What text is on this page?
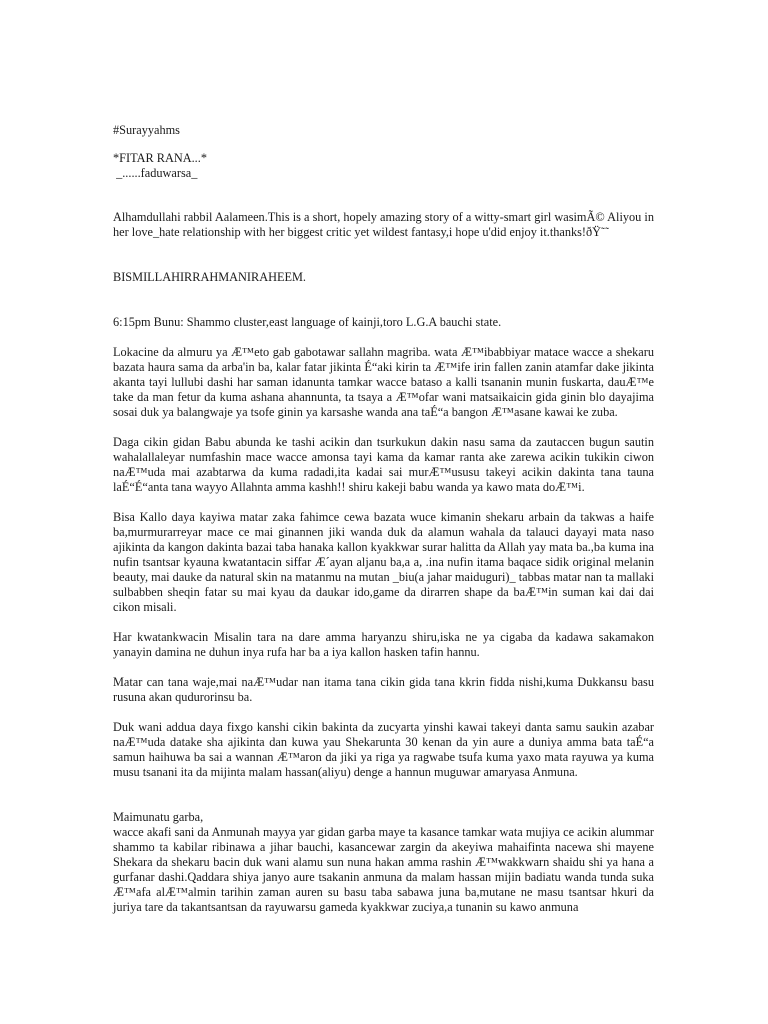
#Surayyahms

*FITAR RANA...*

_......faduwarsa_

Alhamdullahi rabbil Aalameen.This is a short, hopely amazing story of a witty-smart girl wasimÃ© Aliyou in her love_hate relationship with her biggest critic yet wildest fantasy,i hope u'did enjoy it.thanks!ðŸ˜˜

BISMILLAHIRRAHMANIRAHEEM.

6:15pm Bunu: Shammo cluster,east language of kainji,toro L.G.A bauchi state.

Lokacine da almuru ya Æ™eto gab gabotawar sallahn magriba. wata Æ™ibabbiyar matace wacce a shekaru bazata haura sama da arba'in ba, kalar fatar jikinta É“aki kirin ta Æ™ife irin fallen zanin atamfar dake jikinta akanta tayi lullubi dashi har saman idanunta tamkar wacce bataso a kalli tsananin munin fuskarta, dauÆ™e take da man fetur da kuma ashana ahannunta, ta tsaya a Æ™ofar wani matsaikaicin gida ginin blo dayajima sosai duk ya balangwaje ya tsofe ginin ya karsashe wanda ana taÉ“a bangon Æ™asane kawai ke zuba.

Daga cikin gidan Babu abunda ke tashi acikin dan tsurkukun dakin nasu sama da zautaccen bugun sautin wahalallaleyar numfashin mace wacce amonsa tayi kama da kamar ranta ake zarewa acikin tukikin ciwon naÆ™uda mai azabtarwa da kuma radadi,ita kadai sai murÆ™ususu takeyi acikin dakinta tana tauna laÉ“É“anta tana wayyo Allahnta amma kashh!! shiru kakeji babu wanda ya kawo mata doÆ™i.

Bisa Kallo daya kayiwa matar zaka fahimce cewa bazata wuce kimanin shekaru arbain da takwas a haife ba,murmurarreyar mace ce mai ginannen jiki wanda duk da alamun wahala da talauci dayayi mata naso ajikinta da kangon dakinta bazai taba hanaka kallon kyakkwar surar halitta da Allah yay mata ba.,ba kuma ina nufin tsantsar kyauna kwatantacin siffar Æ´ayan aljanu ba,a a, .ina nufin itama baqace sidik original melanin beauty, mai dauke da natural skin na matanmu na mutan _biu(a jahar maiduguri)_ tabbas matar nan ta mallaki sulbabben sheqin fatar su mai kyau da daukar ido,game da dirarren shape da baÆ™in suman kai dai dai cikon misali.

Har kwatankwacin Misalin tara na dare amma haryanzu shiru,iska ne ya cigaba da kadawa sakamakon yanayin damina ne duhun inya rufa har ba a iya kallon hasken tafin hannu.

Matar can tana waje,mai naÆ™udar nan itama tana cikin gida tana kkrin fidda nishi,kuma Dukkansu basu rusuna akan qudurorinsu ba.

Duk wani addua daya fixgo kanshi cikin bakinta da zucyarta yinshi kawai takeyi danta samu saukin azabar naÆ™uda datake sha ajikinta dan kuwa yau Shekarunta 30 kenan da yin aure a duniya amma bata taÉ“a samun haihuwa ba sai a wannan Æ™aron da jiki ya riga ya ragwabe tsufa kuma yaxo mata rayuwa ya kuma musu tsanani ita da mijinta malam hassan(aliyu) denge a hannun muguwar amaryasa Anmuna.

Maimunatu garba,

wacce akafi sani da Anmunah mayya yar gidan garba maye ta kasance tamkar wata mujiya ce acikin alummar shammo ta kabilar ribinawa a jihar bauchi, kasancewar zargin da akeyiwa mahaifinta nacewa shi mayene Shekara da shekaru bacin duk wani alamu sun nuna hakan amma rashin Æ™wakkwarn shaidu shi ya hana a gurfanar dashi.Qaddara shiya janyo aure tsakanin anmuna da malam hassan mijin badiatu wanda tunda suka Æ™afa alÆ™almin tarihin zaman auren su basu taba sabawa juna ba,mutane ne masu tsantsar hkuri da juriya tare da takantsantsan da rayuwarsu gameda kyakkwar zuciya,a tunanin su kawo anmuna
